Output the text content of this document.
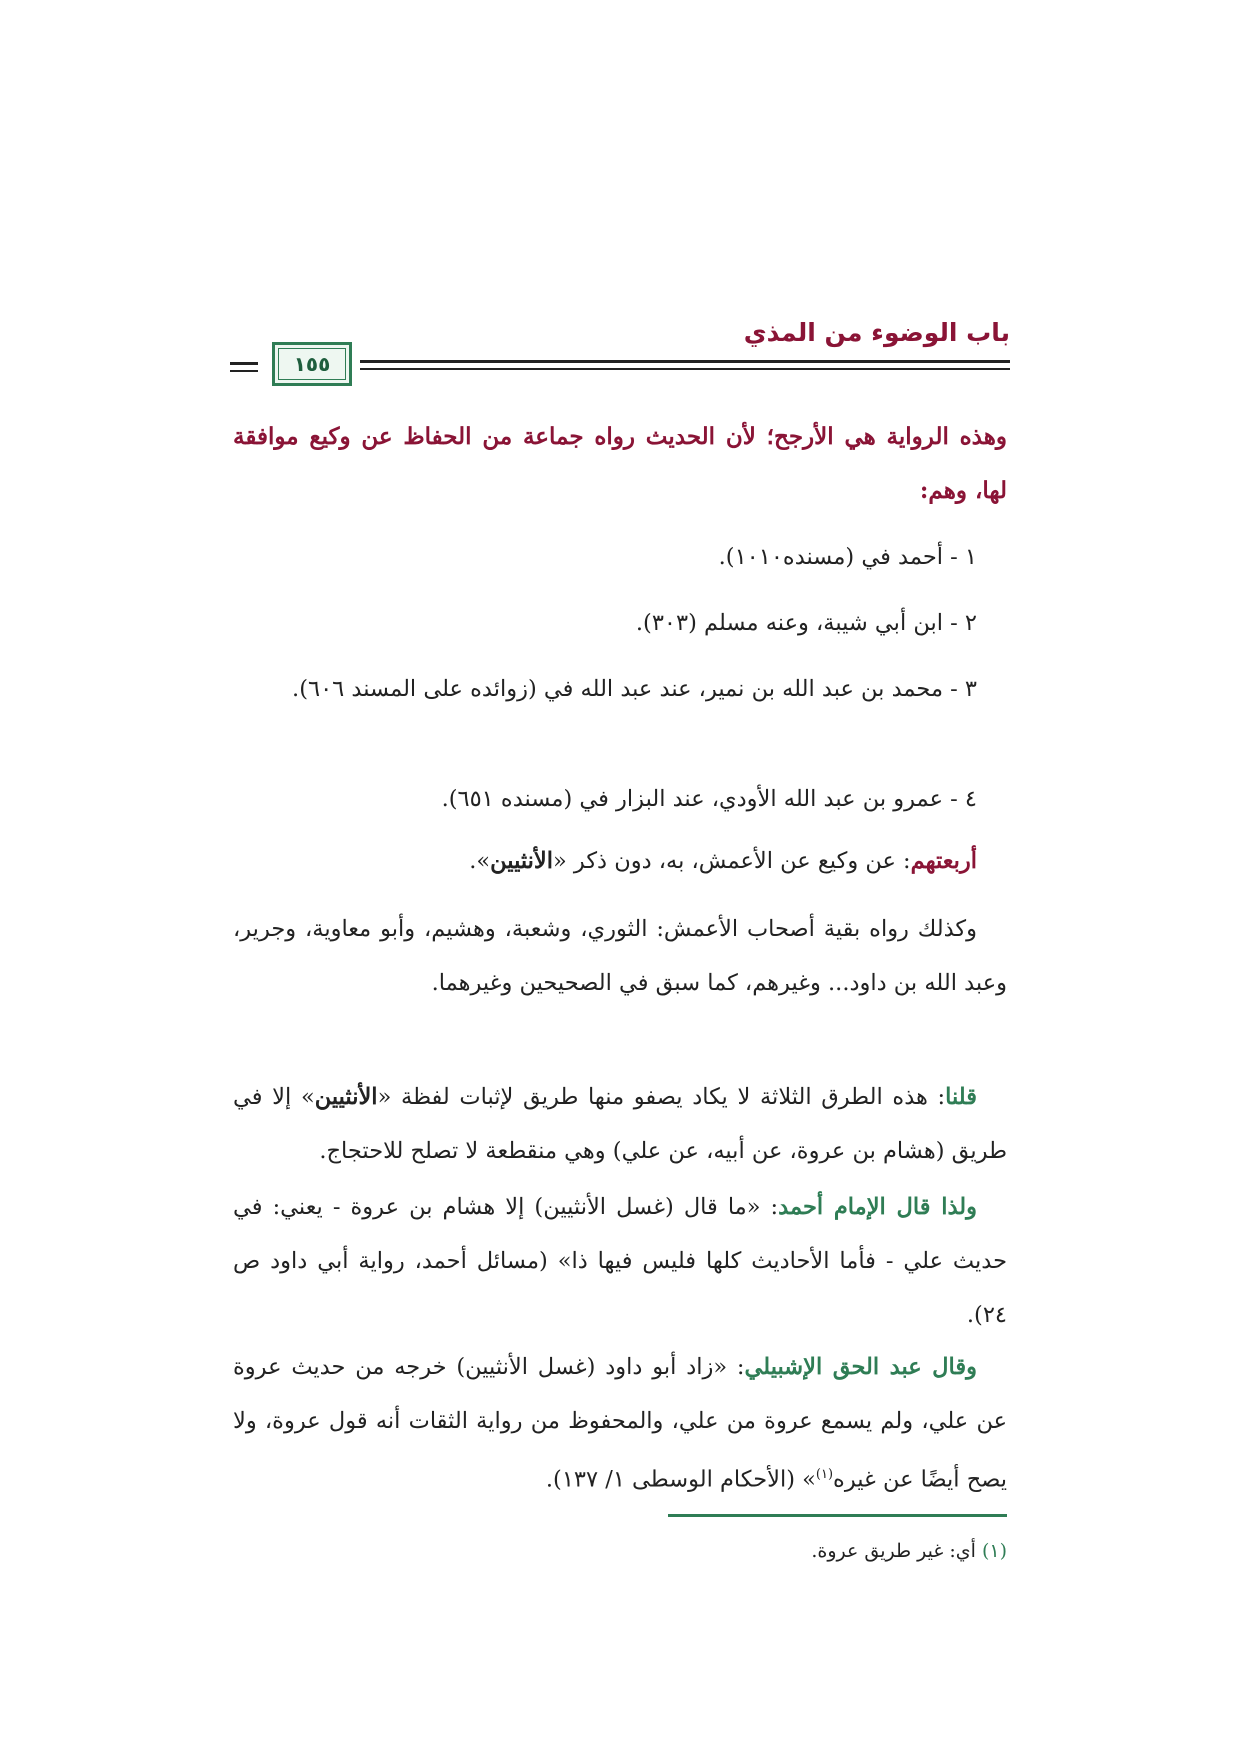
باب الوضوء من المذي
١٥٥
وهذه الرواية هي الأرجح؛ لأن الحديث رواه جماعة من الحفاظ عن وكيع موافقة لها، وهم:
١ - أحمد في (مسنده١٠١٠).
٢ - ابن أبي شيبة، وعنه مسلم (٣٠٣).
٣ - محمد بن عبد الله بن نمير، عند عبد الله في (زوائده على المسند ٦٠٦).
٤ - عمرو بن عبد الله الأودي، عند البزار في (مسنده ٦٥١).
أربعتهم: عن وكيع عن الأعمش، به، دون ذكر «الأنثيين».
وكذلك رواه بقية أصحاب الأعمش: الثوري، وشعبة، وهشيم، وأبو معاوية، وجرير، وعبد الله بن داود... وغيرهم، كما سبق في الصحيحين وغيرهما.
قلنا: هذه الطرق الثلاثة لا يكاد يصفو منها طريق لإثبات لفظة «الأنثيين» إلا في طريق (هشام بن عروة، عن أبيه، عن علي) وهي منقطعة لا تصلح للاحتجاج.
ولذا قال الإمام أحمد: «ما قال (غسل الأنثيين) إلا هشام بن عروة - يعني: في حديث علي - فأما الأحاديث كلها فليس فيها ذا» (مسائل أحمد، رواية أبي داود ص ٢٤).
وقال عبد الحق الإشبيلي: «زاد أبو داود (غسل الأنثيين) خرجه من حديث عروة عن علي، ولم يسمع عروة من علي، والمحفوظ من رواية الثقات أنه قول عروة، ولا يصح أيضًا عن غيره$^{(١)}$» (الأحكام الوسطى ١/ ١٣٧).
(١) أي: غير طريق عروة.
